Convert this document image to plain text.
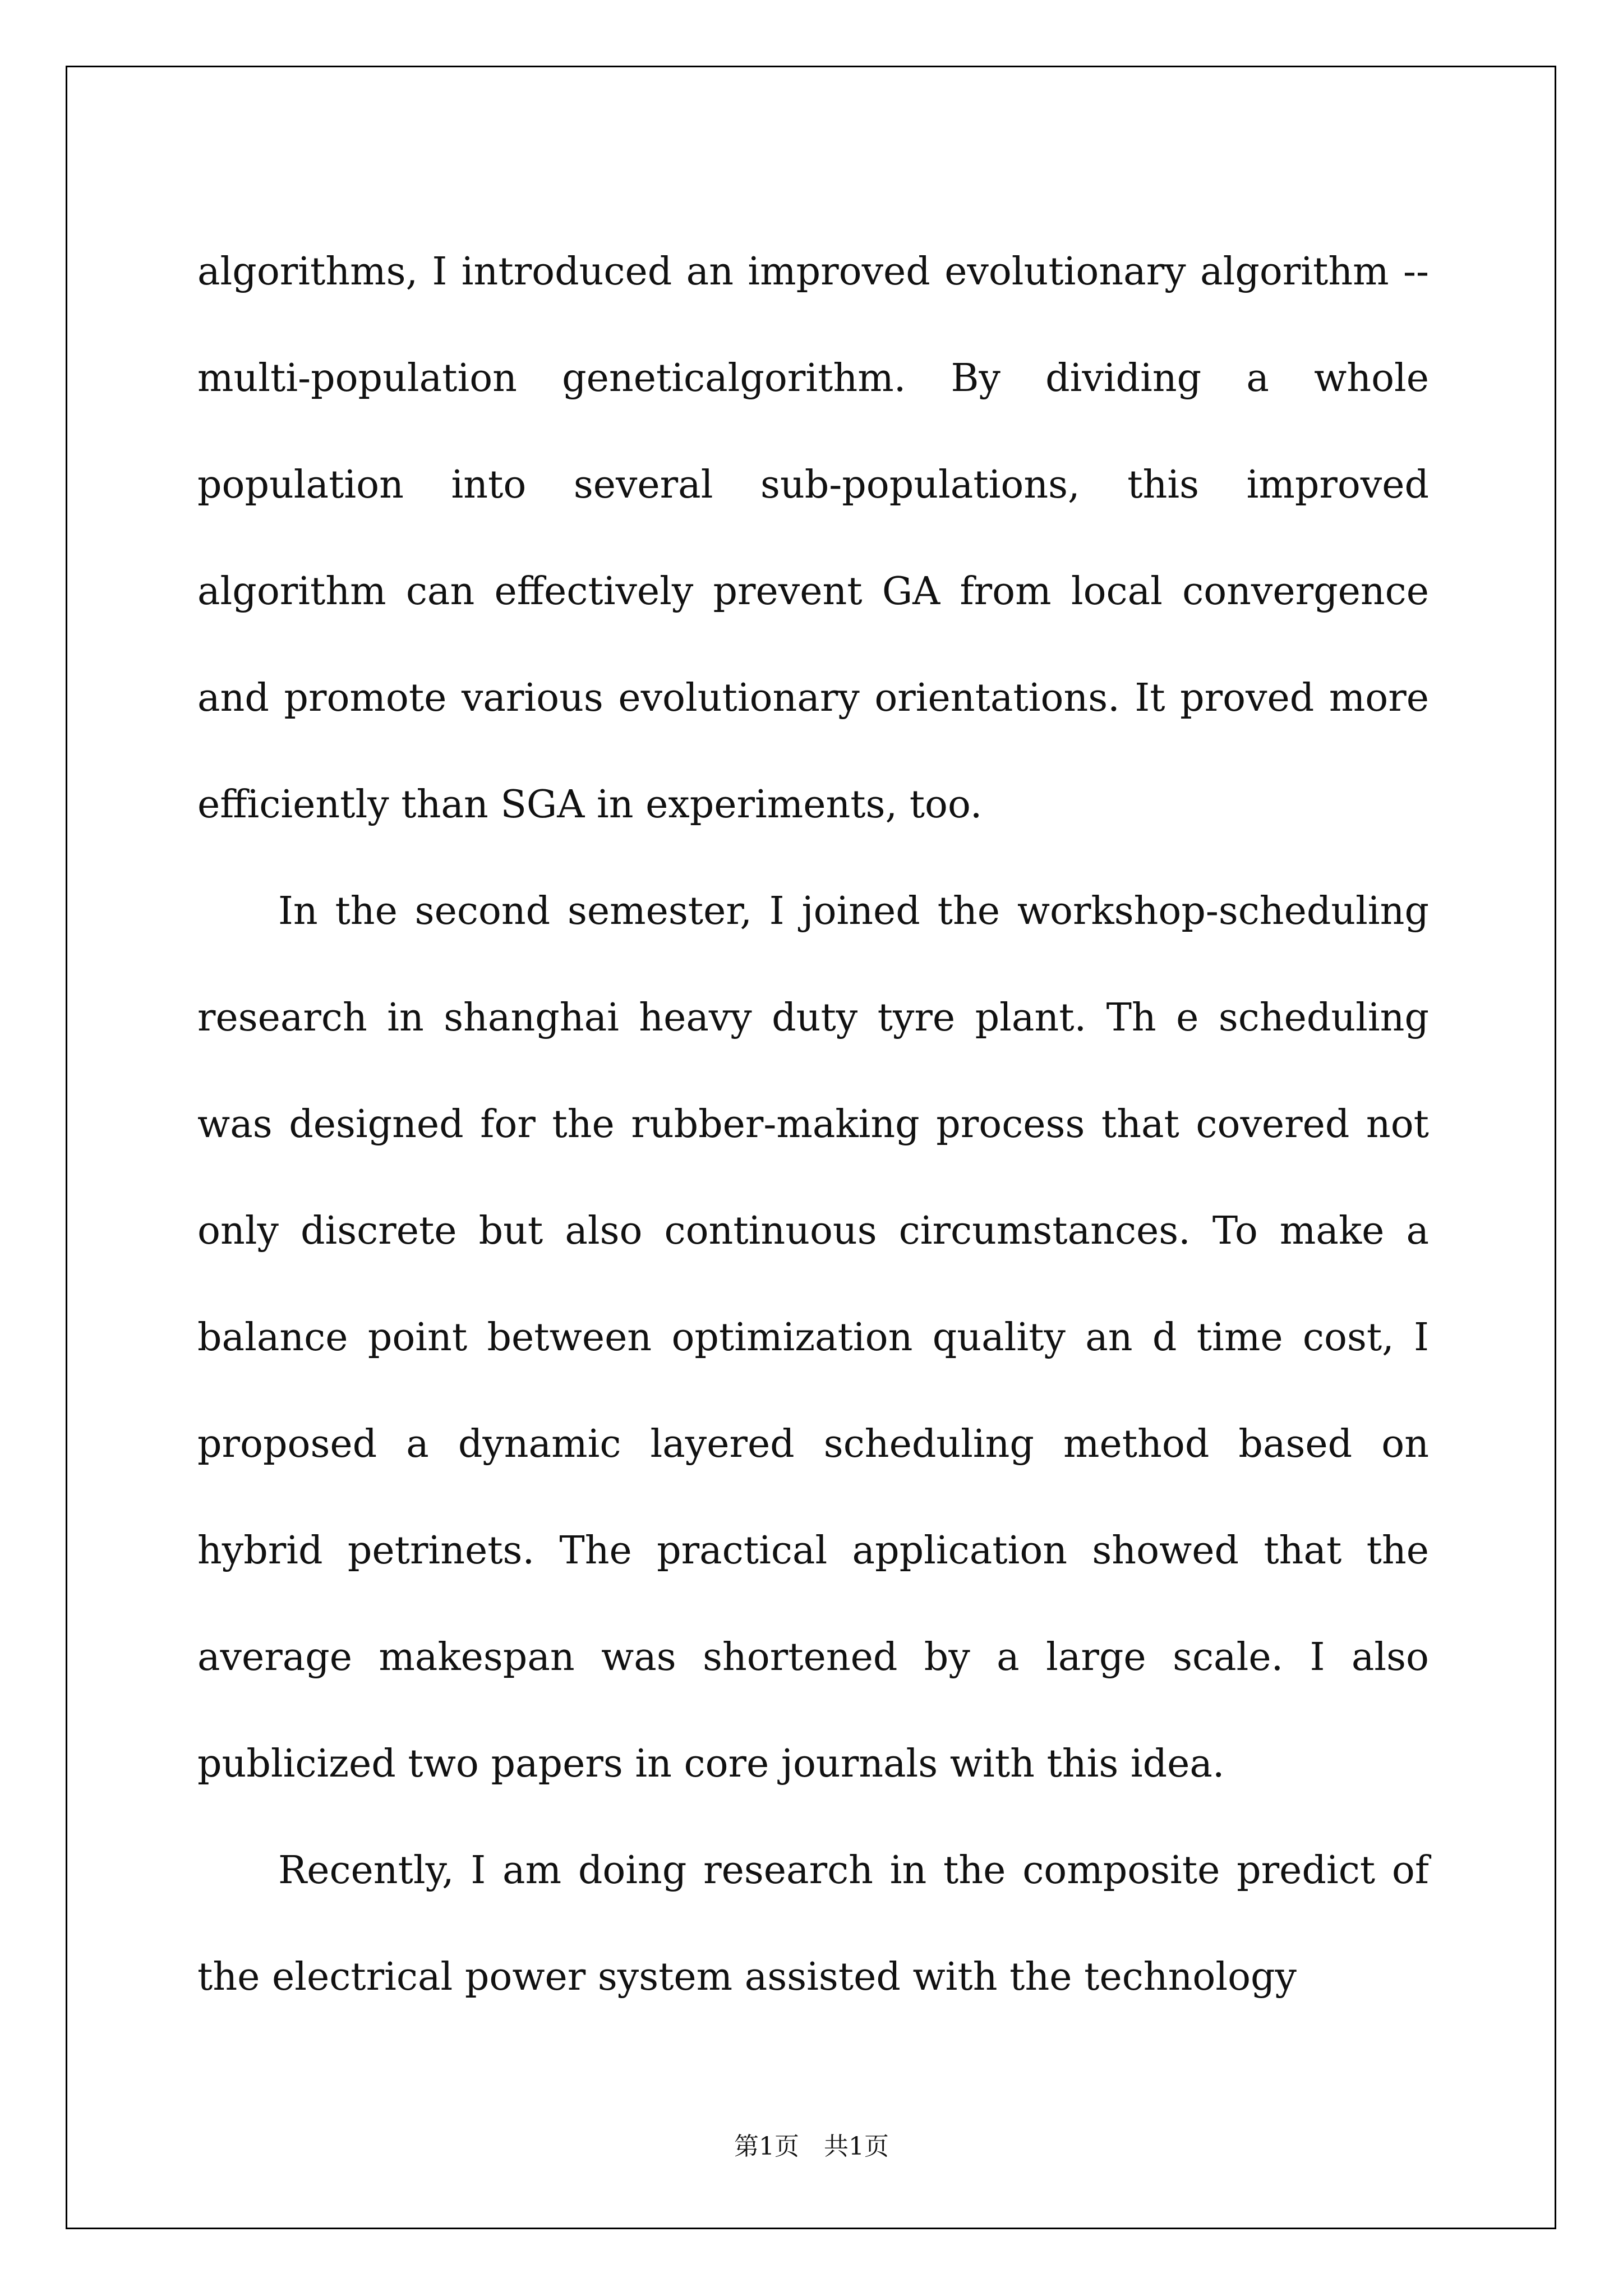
algorithms, I introduced an improved evolutionary algorithm -- multi-population geneticalgorithm. By dividing a whole population into several sub-populations, this improved algorithm can effectively prevent GA from local convergence and promote various evolutionary orientations. It proved more efficiently than SGA in experiments, too.

In the second semester, I joined the workshop-scheduling research in shanghai heavy duty tyre plant. Th e scheduling was designed for the rubber-making process that covered not only discrete but also continuous circumstances. To make a balance point between optimization quality an d time cost, I proposed a dynamic layered scheduling method based on hybrid petrinets. The practical application showed that the average makespan was shortened by a large scale. I also publicized two papers in core journals with this idea.

Recently, I am doing research in the composite predict of the electrical power system assisted with the technology

第1页 共1页
